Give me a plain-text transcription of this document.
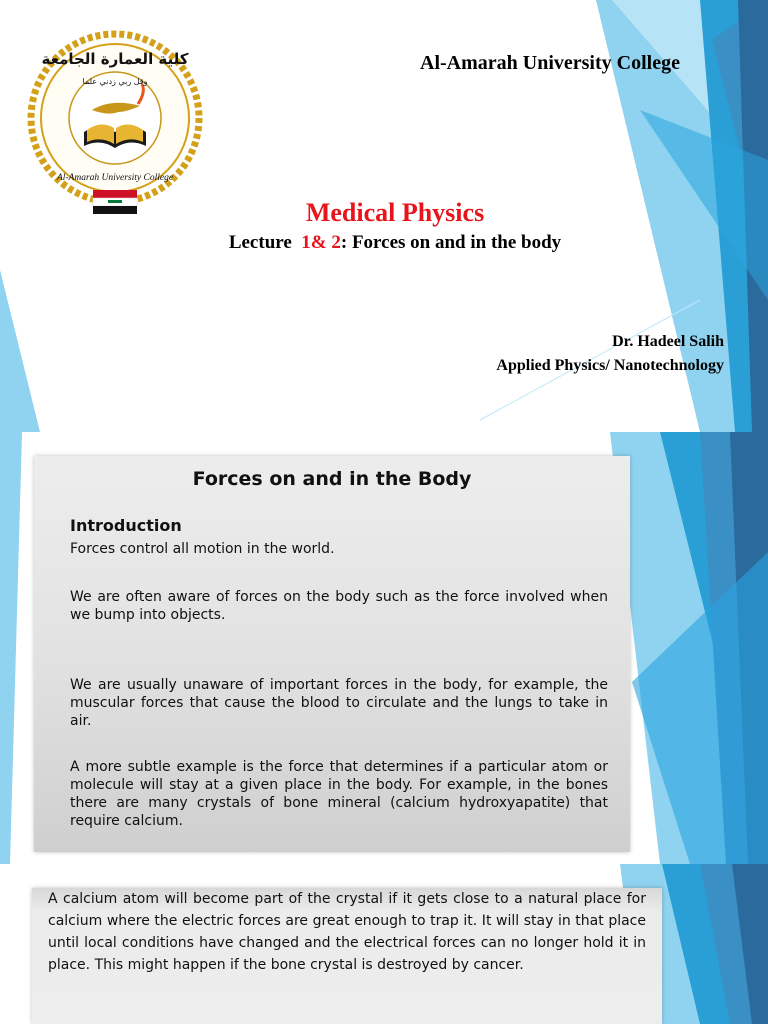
كلية العمارة الجامعة
وقل ربي زدني علما
Al-Amarah University College
Al-Amarah University College
Medical Physics
Lecture  1& 2: Forces on and in the body
Dr. Hadeel Salih
Applied Physics/ Nanotechnology
Forces on and in the Body
Introduction
Forces control all motion in the world.
We are often aware of forces on the body such as the force involved when we bump into objects.
We are usually unaware of important forces in the body, for example, the muscular forces that cause the blood to circulate and the lungs to take in air.
A more subtle example is the force that determines if a particular atom or molecule will stay at a given place in the body. For example, in the bones there are many crystals of bone mineral (calcium hydroxyapatite) that require calcium.
A calcium atom will become part of the crystal if it gets close to a natural place for calcium where the electric forces are great enough to trap it. It will stay in that place until local conditions have changed and the electrical forces can no longer hold it in place. This might happen if the bone crystal is destroyed by cancer.
